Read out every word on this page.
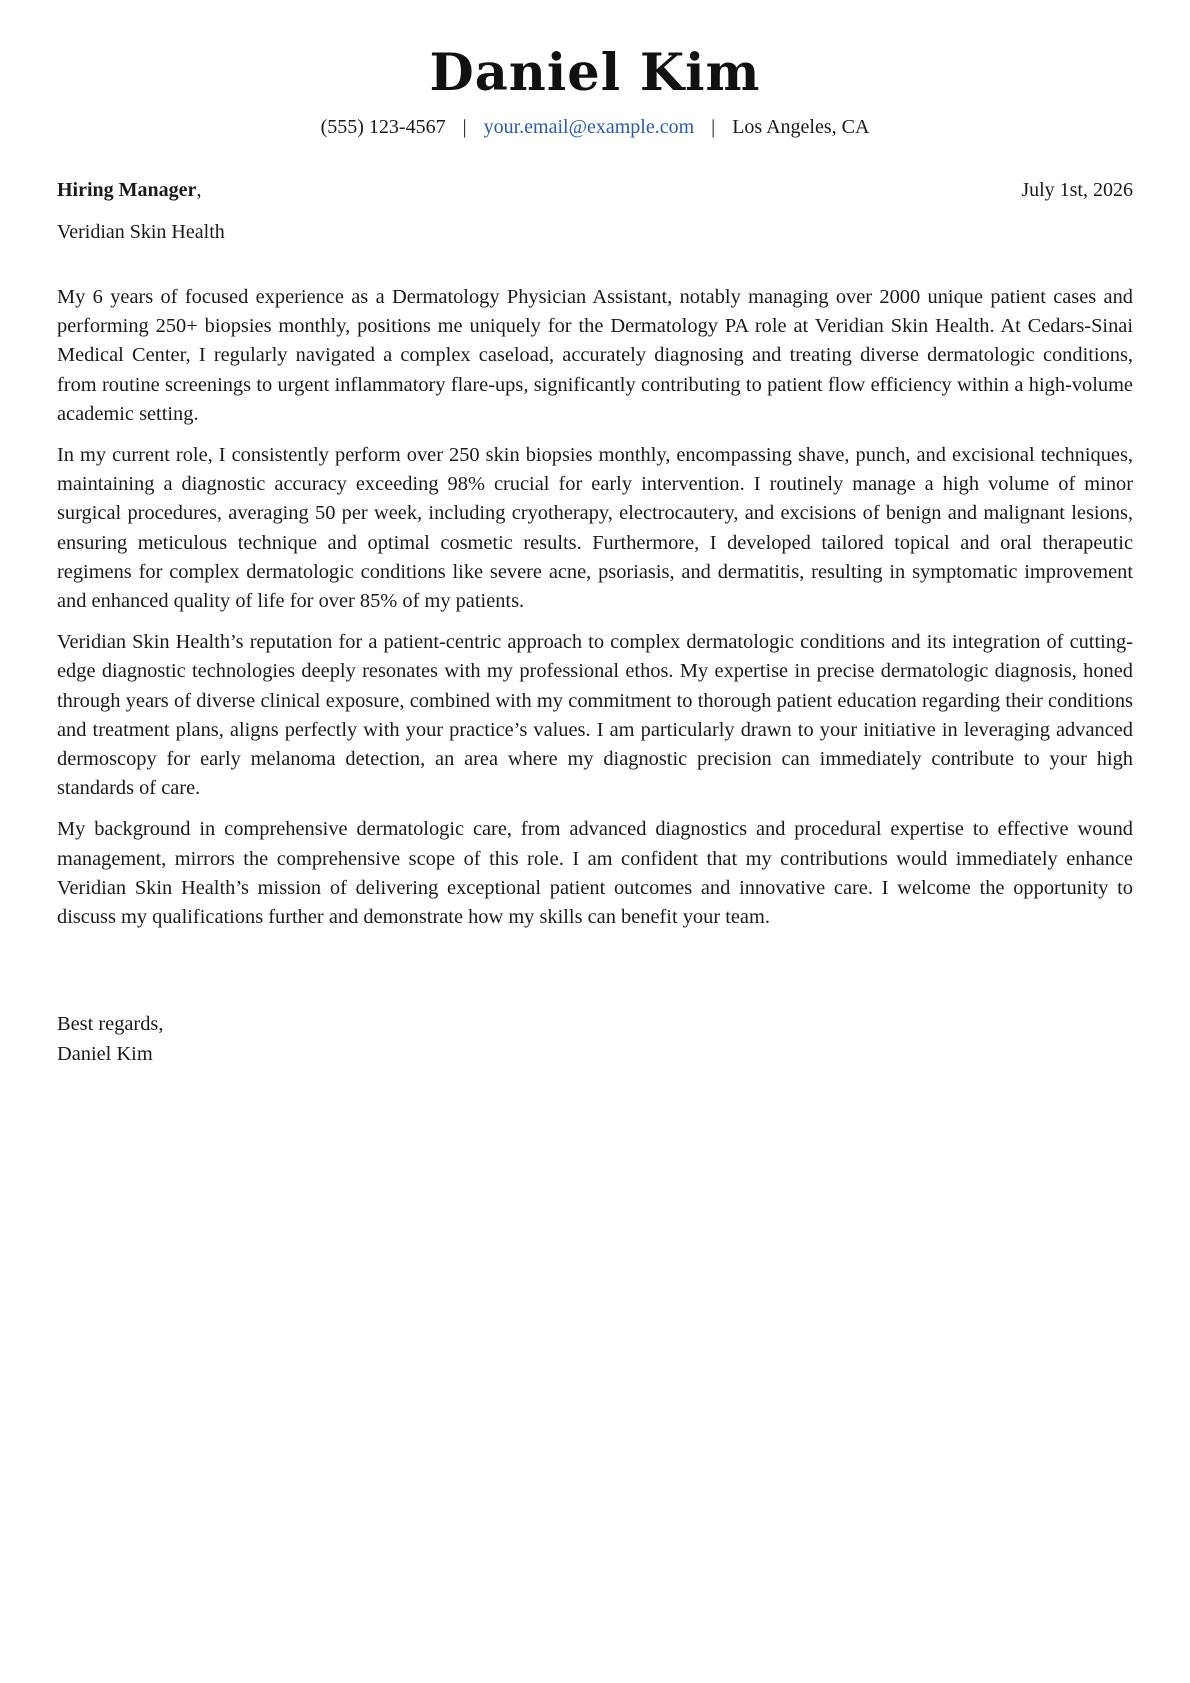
Daniel Kim
(555) 123-4567 | your.email@example.com | Los Angeles, CA
Hiring Manager,	July 1st, 2026
Veridian Skin Health

My 6 years of focused experience as a Dermatology Physician Assistant, notably managing over 2000 unique patient cases and performing 250+ biopsies monthly, positions me uniquely for the Dermatology PA role at Veridian Skin Health. At Cedars-Sinai Medical Center, I regularly navigated a complex caseload, accurately diagnosing and treating diverse dermatologic conditions, from routine screenings to urgent inflammatory flare-ups, significantly contributing to patient flow efficiency within a high-volume academic setting.

In my current role, I consistently perform over 250 skin biopsies monthly, encompassing shave, punch, and excisional techniques, maintaining a diagnostic accuracy exceeding 98% crucial for early intervention. I routinely manage a high volume of minor surgical procedures, averaging 50 per week, including cryotherapy, electrocautery, and excisions of benign and malignant lesions, ensuring meticulous technique and optimal cosmetic results. Furthermore, I developed tailored topical and oral therapeutic regimens for complex dermatologic conditions like severe acne, psoriasis, and dermatitis, resulting in symptomatic improvement and enhanced quality of life for over 85% of my patients.

Veridian Skin Health’s reputation for a patient-centric approach to complex dermatologic conditions and its integration of cutting-edge diagnostic technologies deeply resonates with my professional ethos. My expertise in precise dermatologic diagnosis, honed through years of diverse clinical exposure, combined with my commitment to thorough patient education regarding their conditions and treatment plans, aligns perfectly with your practice’s values. I am particularly drawn to your initiative in leveraging advanced dermoscopy for early melanoma detection, an area where my diagnostic precision can immediately contribute to your high standards of care.

My background in comprehensive dermatologic care, from advanced diagnostics and procedural expertise to effective wound management, mirrors the comprehensive scope of this role. I am confident that my contributions would immediately enhance Veridian Skin Health’s mission of delivering exceptional patient outcomes and innovative care. I welcome the opportunity to discuss my qualifications further and demonstrate how my skills can benefit your team.

Best regards,
Daniel Kim
